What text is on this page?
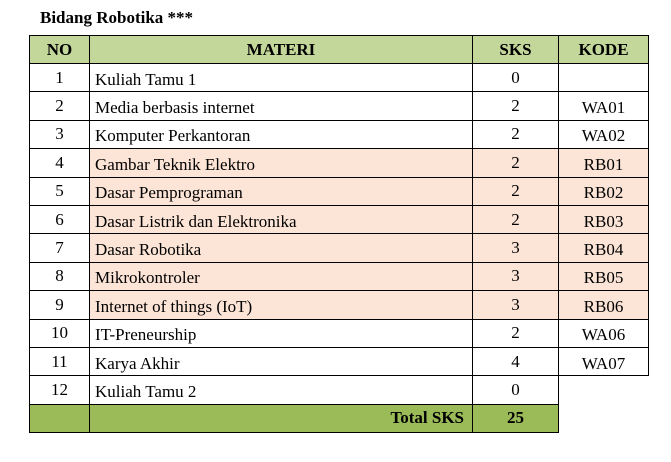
Bidang Robotika ***
NO	MATERI	SKS	KODE
1	Kuliah Tamu 1	0	
2	Media berbasis internet	2	WA01
3	Komputer Perkantoran	2	WA02
4	Gambar Teknik Elektro	2	RB01
5	Dasar Pemprograman	2	RB02
6	Dasar Listrik dan Elektronika	2	RB03
7	Dasar Robotika	3	RB04
8	Mikrokontroler	3	RB05
9	Internet of things (IoT)	3	RB06
10	IT-Preneurship	2	WA06
11	Karya Akhir	4	WA07
12	Kuliah Tamu 2	0	
	Total SKS	25	
